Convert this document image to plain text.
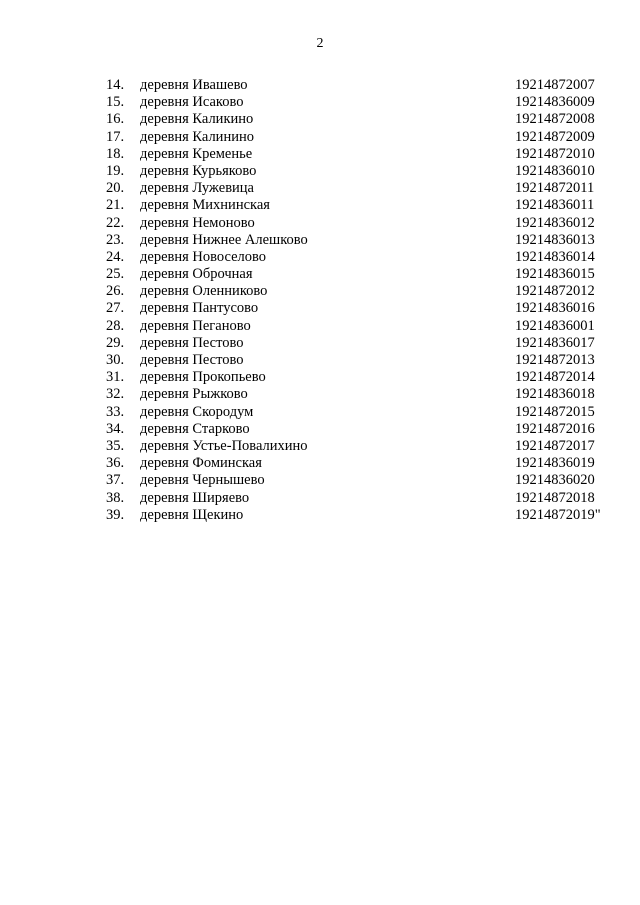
2
14.	деревня Ивашево	19214872007
15.	деревня Исаково	19214836009
16.	деревня Каликино	19214872008
17.	деревня Калинино	19214872009
18.	деревня Кременье	19214872010
19.	деревня Курьяково	19214836010
20.	деревня Лужевица	19214872011
21.	деревня Михнинская	19214836011
22.	деревня Немоново	19214836012
23.	деревня Нижнее Алешково	19214836013
24.	деревня Новоселово	19214836014
25.	деревня Оброчная	19214836015
26.	деревня Оленниково	19214872012
27.	деревня Пантусово	19214836016
28.	деревня Пеганово	19214836001
29.	деревня Пестово	19214836017
30.	деревня Пестово	19214872013
31.	деревня Прокопьево	19214872014
32.	деревня Рыжково	19214836018
33.	деревня Скородум	19214872015
34.	деревня Старково	19214872016
35.	деревня Устье-Повалихино	19214872017
36.	деревня Фоминская	19214836019
37.	деревня Чернышево	19214836020
38.	деревня Ширяево	19214872018
39.	деревня Щекино	19214872019"
